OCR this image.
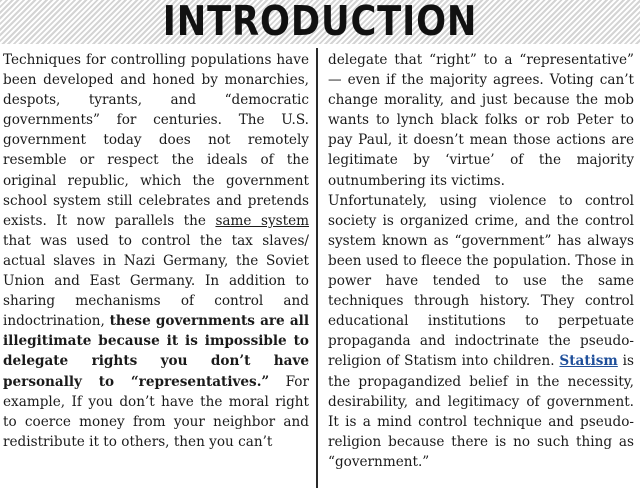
INTRODUCTION

Techniques for controlling populations have been developed and honed by monarchies, despots, tyrants, and “democratic governments” for centuries. The U.S. government today does not remotely resemble or respect the ideals of the original republic, which the government school system still celebrates and pretends exists. It now parallels the same system that was used to control the tax slaves/ actual slaves in Nazi Germany, the Soviet Union and East Germany. In addition to sharing mechanisms of control and indoctrination, these governments are all illegitimate because it is impossible to delegate rights you don’t have personally to “representatives.” For example, If you don’t have the moral right to coerce money from your neighbor and redistribute it to others, then you can’t

delegate that “right” to a “representative” — even if the majority agrees. Voting can’t change morality, and just because the mob wants to lynch black folks or rob Peter to pay Paul, it doesn’t mean those actions are legitimate by ‘virtue’ of the majority outnumbering its victims.

Unfortunately, using violence to control society is organized crime, and the control system known as “government” has always been used to fleece the population. Those in power have tended to use the same techniques through history. They control educational institutions to perpetuate propaganda and indoctrinate the pseudo-religion of Statism into children. Statism is the propagandized belief in the necessity, desirability, and legitimacy of government. It is a mind control technique and pseudo-religion because there is no such thing as “government.”
